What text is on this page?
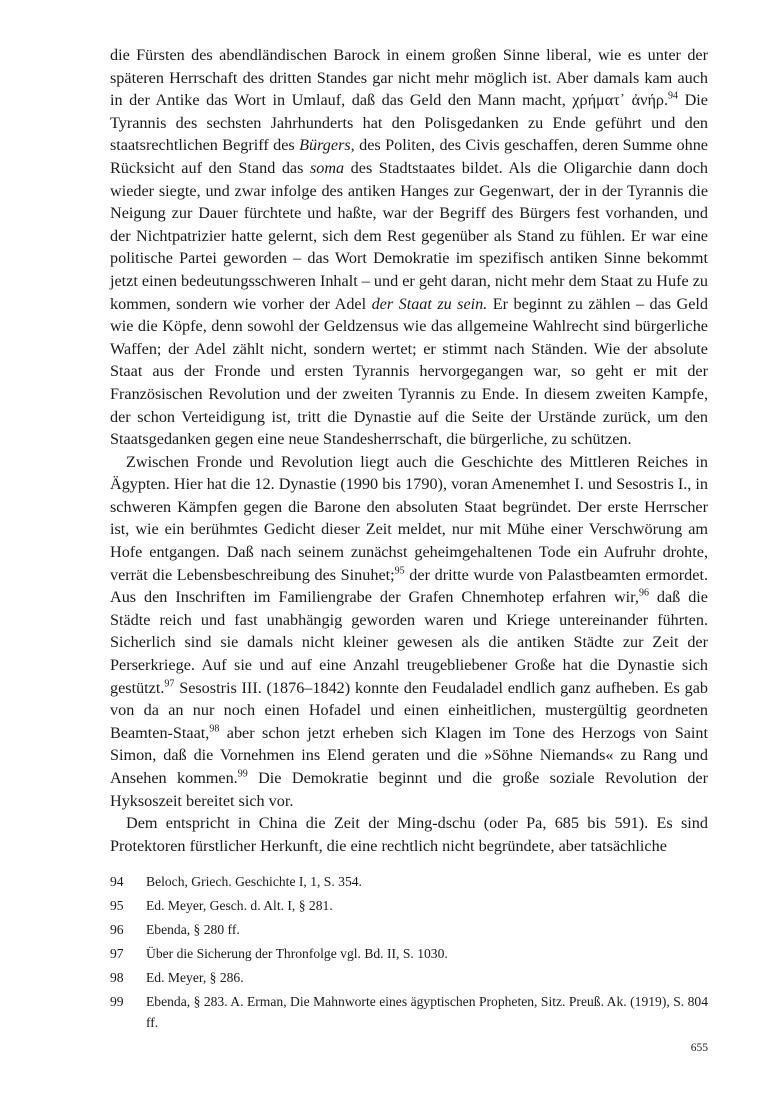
die Fürsten des abendländischen Barock in einem großen Sinne liberal, wie es unter der späteren Herrschaft des dritten Standes gar nicht mehr möglich ist. Aber damals kam auch in der Antike das Wort in Umlauf, daß das Geld den Mann macht, χρήματ᾽ ἀνήρ.$^{94}$ Die Tyrannis des sechsten Jahrhunderts hat den Polisgedanken zu Ende geführt und den staatsrechtlichen Begriff des Bürgers, des Politen, des Civis geschaffen, deren Summe ohne Rücksicht auf den Stand das soma des Stadtstaates bildet. Als die Oligarchie dann doch wieder siegte, und zwar infolge des antiken Hanges zur Gegenwart, der in der Tyrannis die Neigung zur Dauer fürchtete und haßte, war der Begriff des Bürgers fest vorhanden, und der Nichtpatrizier hatte gelernt, sich dem Rest gegenüber als Stand zu fühlen. Er war eine politische Partei geworden – das Wort Demokratie im spezifisch antiken Sinne bekommt jetzt einen bedeutungsschweren Inhalt – und er geht daran, nicht mehr dem Staat zu Hufe zu kommen, sondern wie vorher der Adel der Staat zu sein. Er beginnt zu zählen – das Geld wie die Köpfe, denn sowohl der Geldzensus wie das allgemeine Wahlrecht sind bürgerliche Waffen; der Adel zählt nicht, sondern wertet; er stimmt nach Ständen. Wie der absolute Staat aus der Fronde und ersten Tyrannis hervorgegangen war, so geht er mit der Französischen Revolution und der zweiten Tyrannis zu Ende. In diesem zweiten Kampfe, der schon Verteidigung ist, tritt die Dynastie auf die Seite der Urstände zurück, um den Staatsgedanken gegen eine neue Standesherrschaft, die bürgerliche, zu schützen.

Zwischen Fronde und Revolution liegt auch die Geschichte des Mittleren Reiches in Ägypten. Hier hat die 12. Dynastie (1990 bis 1790), voran Amenemhet I. und Sesostris I., in schweren Kämpfen gegen die Barone den absoluten Staat begründet. Der erste Herrscher ist, wie ein berühmtes Gedicht dieser Zeit meldet, nur mit Mühe einer Verschwörung am Hofe entgangen. Daß nach seinem zunächst geheimgehaltenen Tode ein Aufruhr drohte, verrät die Lebensbeschreibung des Sinuhet;$^{95}$ der dritte wurde von Palastbeamten ermordet. Aus den Inschriften im Familiengrabe der Grafen Chnemhotep erfahren wir,$^{96}$ daß die Städte reich und fast unabhängig geworden waren und Kriege untereinander führten. Sicherlich sind sie damals nicht kleiner gewesen als die antiken Städte zur Zeit der Perserkriege. Auf sie und auf eine Anzahl treugebliebener Große hat die Dynastie sich gestützt.$^{97}$ Sesostris III. (1876–1842) konnte den Feudaladel endlich ganz aufheben. Es gab von da an nur noch einen Hofadel und einen einheitlichen, mustergültig geordneten Beamten-Staat,$^{98}$ aber schon jetzt erheben sich Klagen im Tone des Herzogs von Saint Simon, daß die Vornehmen ins Elend geraten und die »Söhne Niemands« zu Rang und Ansehen kommen.$^{99}$ Die Demokratie beginnt und die große soziale Revolution der Hyksoszeit bereitet sich vor.

Dem entspricht in China die Zeit der Ming-dschu (oder Pa, 685 bis 591). Es sind Protektoren fürstlicher Herkunft, die eine rechtlich nicht begründete, aber tatsächliche

94	Beloch, Griech. Geschichte I, 1, S. 354.
95	Ed. Meyer, Gesch. d. Alt. I, § 281.
96	Ebenda, § 280 ff.
97	Über die Sicherung der Thronfolge vgl. Bd. II, S. 1030.
98	Ed. Meyer, § 286.
99	Ebenda, § 283. A. Erman, Die Mahnworte eines ägyptischen Propheten, Sitz. Preuß. Ak. (1919), S. 804 ff.
655
